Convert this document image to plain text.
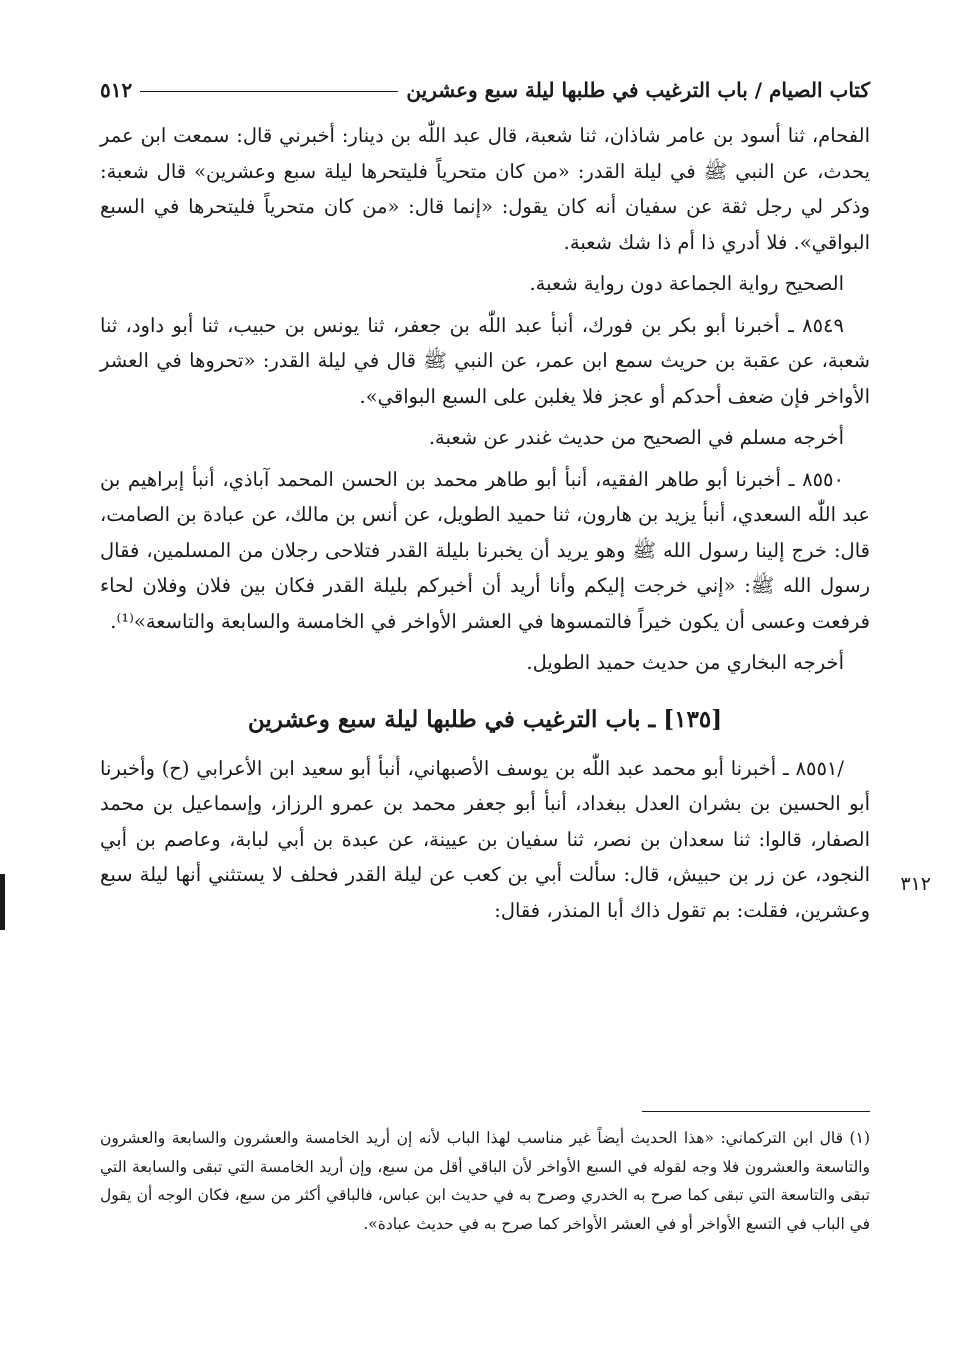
كتاب الصيام / باب الترغيب في طلبها ليلة سبع وعشرين
٥١٢

الفحام، ثنا أسود بن عامر شاذان، ثنا شعبة، قال عبد اللّٰه بن دينار: أخبرني قال: سمعت ابن عمر يحدث، عن النبي ﷺ في ليلة القدر: «من كان متحرياً فليتحرها ليلة سبع وعشرين» قال شعبة: وذكر لي رجل ثقة عن سفيان أنه كان يقول: «إنما قال: «من كان متحرياً فليتحرها في السبع البواقي». فلا أدري ذا أم ذا شك شعبة.

الصحيح رواية الجماعة دون رواية شعبة.

٨٥٤٩ ـ أخبرنا أبو بكر بن فورك، أنبأ عبد اللّٰه بن جعفر، ثنا يونس بن حبيب، ثنا أبو داود، ثنا شعبة، عن عقبة بن حريث سمع ابن عمر، عن النبي ﷺ قال في ليلة القدر: «تحروها في العشر الأواخر فإن ضعف أحدكم أو عجز فلا يغلبن على السبع البواقي».

أخرجه مسلم في الصحيح من حديث غندر عن شعبة.

٨٥٥٠ ـ أخبرنا أبو طاهر الفقيه، أنبأ أبو طاهر محمد بن الحسن المحمد آباذي، أنبأ إبراهيم بن عبد اللّٰه السعدي، أنبأ يزيد بن هارون، ثنا حميد الطويل، عن أنس بن مالك، عن عبادة بن الصامت، قال: خرج إلينا رسول الله ﷺ وهو يريد أن يخبرنا بليلة القدر فتلاحى رجلان من المسلمين، فقال رسول الله ﷺ: «إني خرجت إليكم وأنا أريد أن أخبركم بليلة القدر فكان بين فلان وفلان لحاء فرفعت وعسى أن يكون خيراً فالتمسوها في العشر الأواخر في الخامسة والسابعة والتاسعة»⁽¹⁾.

أخرجه البخاري من حديث حميد الطويل.

[١٣٥] ـ باب الترغيب في طلبها ليلة سبع وعشرين

/٨٥٥١ ـ أخبرنا أبو محمد عبد اللّٰه بن يوسف الأصبهاني، أنبأ أبو سعيد ابن الأعرابي (ح) وأخبرنا أبو الحسين بن بشران العدل ببغداد، أنبأ أبو جعفر محمد بن عمرو الرزاز، وإسماعيل بن محمد الصفار، قالوا: ثنا سعدان بن نصر، ثنا سفيان بن عيينة، عن عبدة بن أبي لبابة، وعاصم بن أبي النجود، عن زر بن حبيش، قال: سألت أبي بن كعب عن ليلة القدر فحلف لا يستثني أنها ليلة سبع وعشرين، فقلت: بم تقول ذاك أبا المنذر، فقال:

٣١٢
(١) قال ابن التركماني: «هذا الحديث أيضاً غير مناسب لهذا الباب لأنه إن أريد الخامسة والعشرون والسابعة والعشرون والتاسعة والعشرون فلا وجه لقوله في السبع الأواخر لأن الباقي أقل من سبع، وإن أريد الخامسة التي تبقى والسابعة التي تبقى والتاسعة التي تبقى كما صرح به الخدري وصرح به في حديث ابن عباس، فالباقي أكثر من سبع، فكان الوجه أن يقول في الباب في التسع الأواخر أو في العشر الأواخر كما صرح به في حديث عبادة».
